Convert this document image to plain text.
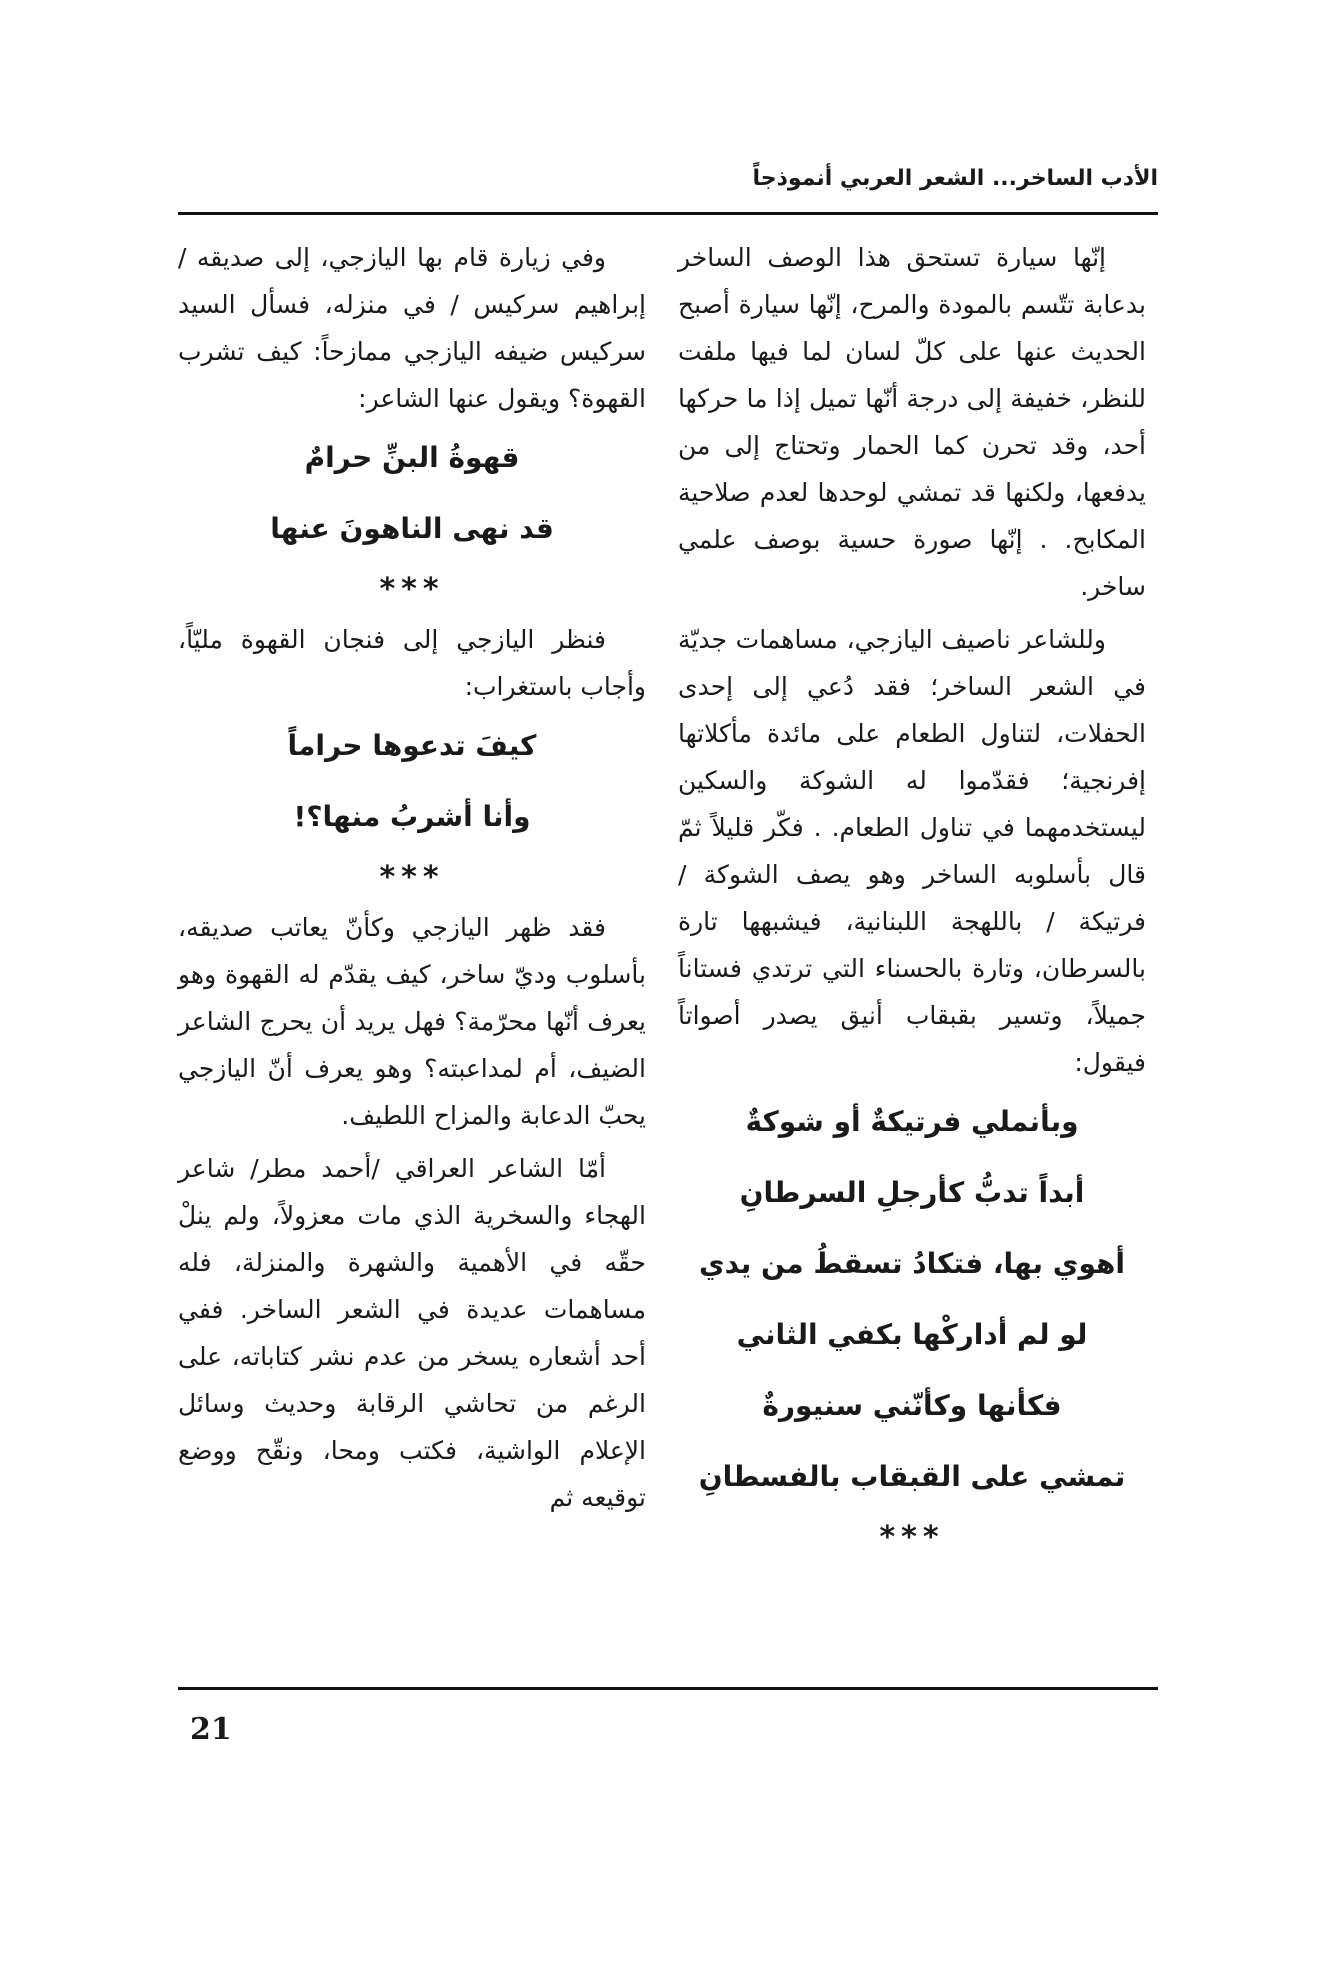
الأدب الساخر... الشعر العربي أنموذجاً

إنّها سيارة تستحق هذا الوصف الساخر بدعابة تتّسم بالمودة والمرح، إنّها سيارة أصبح الحديث عنها على كلّ لسان لما فيها ملفت للنظر، خفيفة إلى درجة أنّها تميل إذا ما حركها أحد، وقد تحرن كما الحمار وتحتاج إلى من يدفعها، ولكنها قد تمشي لوحدها لعدم صلاحية المكابح. . إنّها صورة حسية بوصف علمي ساخر.

وللشاعر ناصيف اليازجي، مساهمات جديّة في الشعر الساخر؛ فقد دُعي إلى إحدى الحفلات، لتناول الطعام على مائدة مأكلاتها إفرنجية؛ فقدّموا له الشوكة والسكين ليستخدمهما في تناول الطعام. . فكّر قليلاً ثمّ قال بأسلوبه الساخر وهو يصف الشوكة / فرتيكة / باللهجة اللبنانية، فيشبهها تارة بالسرطان، وتارة بالحسناء التي ترتدي فستاناً جميلاً، وتسير بقبقاب أنيق يصدر أصواتاً فيقول:

وبأنملي فرتيكةٌ أو شوكةٌ

أبداً تدبُّ كأرجلِ السرطانِ

أهوي بها، فتكادُ تسقطُ من يدي

لو لم أداركْها بكفي الثاني

فكأنها وكأنّني سنيورةٌ

تمشي على القبقاب بالفسطانِ

***

وفي زيارة قام بها اليازجي، إلى صديقه /إبراهيم سركيس / في منزله، فسأل السيد سركيس ضيفه اليازجي ممازحاً: كيف تشرب القهوة؟ ويقول عنها الشاعر:

قهوةُ البنِّ حرامٌ

قد نهى الناهونَ عنها

***

فنظر اليازجي إلى فنجان القهوة مليّاً، وأجاب باستغراب:

كيفَ تدعوها حراماً

وأنا أشربُ منها؟!

***

فقد ظهر اليازجي وكأنّ يعاتب صديقه، بأسلوب وديّ ساخر، كيف يقدّم له القهوة وهو يعرف أنّها محرّمة؟ فهل يريد أن يحرج الشاعر الضيف، أم لمداعبته؟ وهو يعرف أنّ اليازجي يحبّ الدعابة والمزاح اللطيف.

أمّا الشاعر العراقي /أحمد مطر/ شاعر الهجاء والسخرية الذي مات معزولاً، ولم ينلْ حقّه في الأهمية والشهرة والمنزلة، فله مساهمات عديدة في الشعر الساخر. ففي أحد أشعاره يسخر من عدم نشر كتاباته، على الرغم من تحاشي الرقابة وحديث وسائل الإعلام الواشية، فكتب ومحا، ونقّح ووضع توقيعه ثم

21
